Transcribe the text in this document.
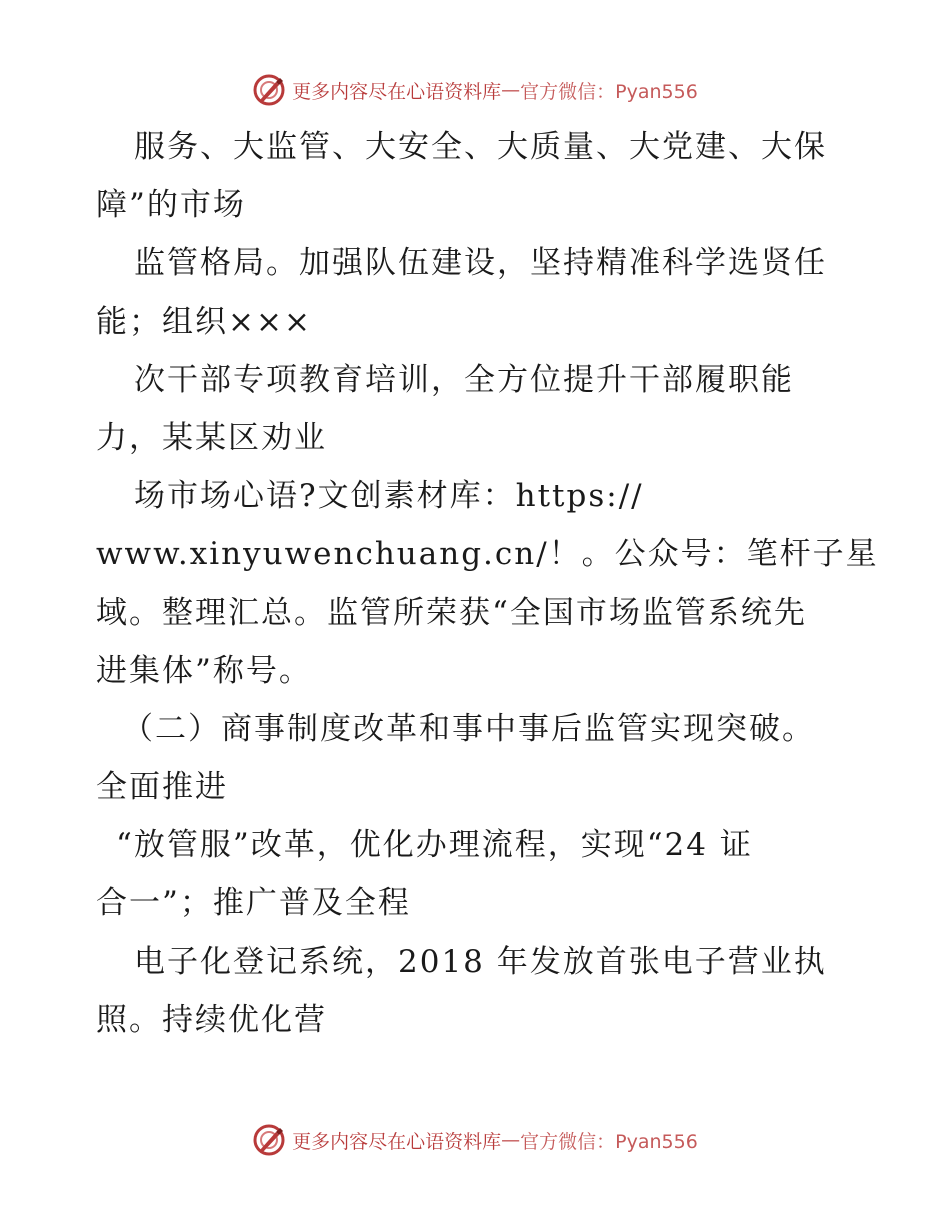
更多内容尽在心语资料库 — 官方微信：Pyan556
服务、大监管、大安全、大质量、大党建、大保
障”的市场
监管格局。加强队伍建设，坚持精准科学选贤任
能；组织×××
次干部专项教育培训，全方位提升干部履职能
力，某某区劝业
场市场心语?文创素材库：https://
www.xinyuwenchuang.cn/！。公众号：笔杆子星
域。整理汇总。监管所荣获“全国市场监管系统先
进集体”称号。
（二）商事制度改革和事中事后监管实现突破。
全面推进
“放管服”改革，优化办理流程，实现“24 证
合一”；推广普及全程
电子化登记系统，2018 年发放首张电子营业执
照。持续优化营
更多内容尽在心语资料库 — 官方微信：Pyan556
